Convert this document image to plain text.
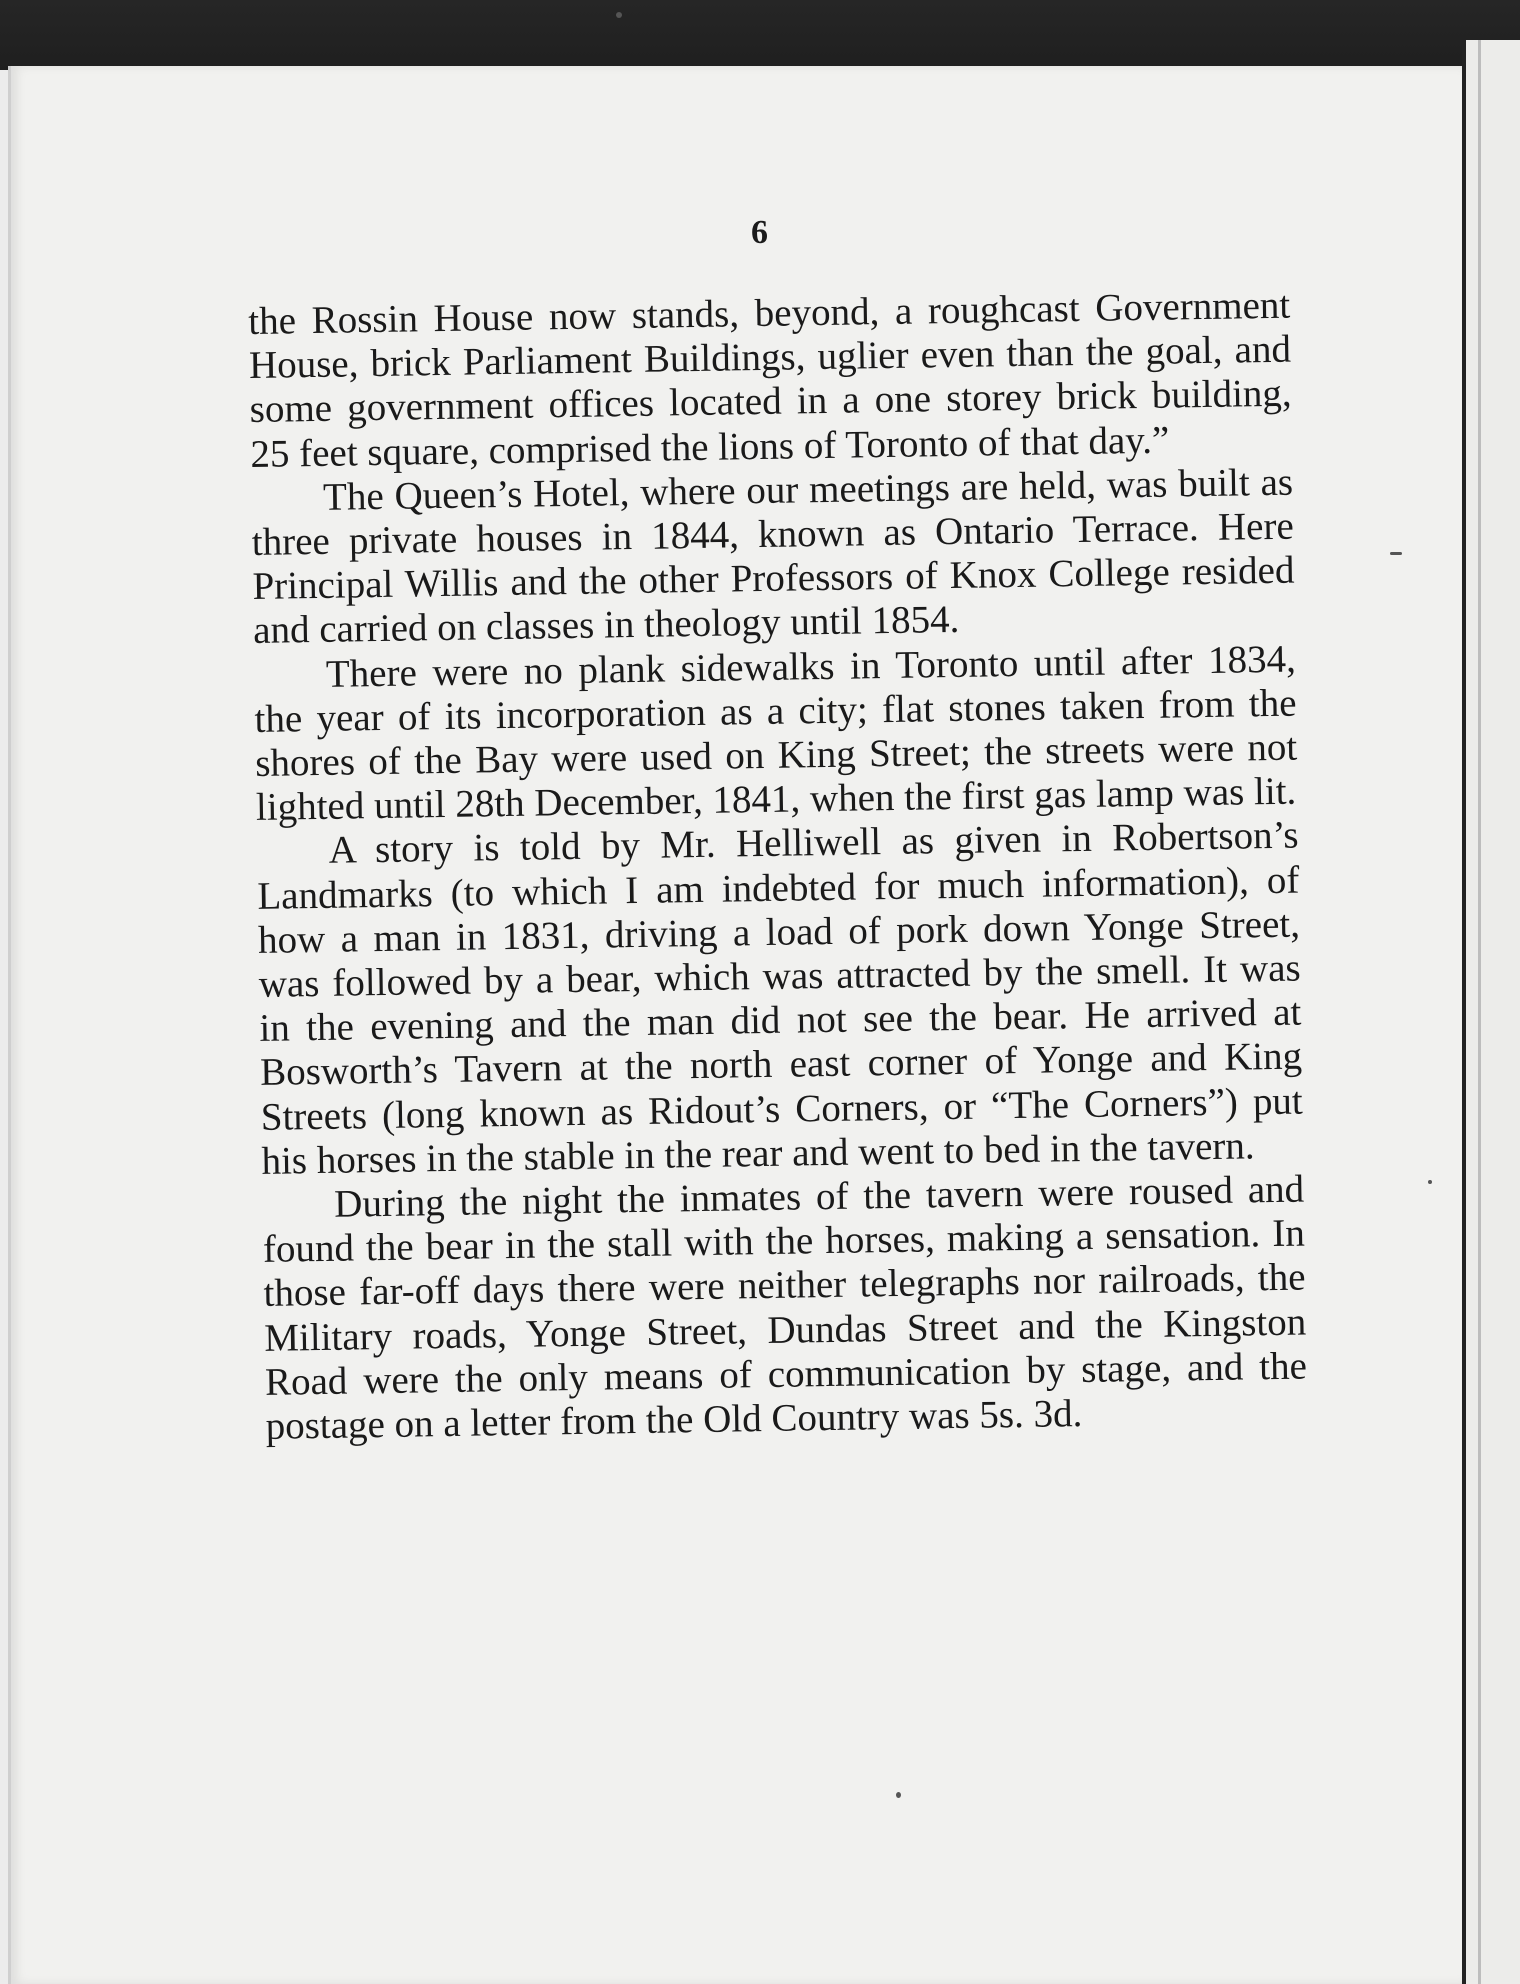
6

the Rossin House now stands, beyond, a roughcast Government House, brick Parliament Buildings, uglier even than the goal, and some government offices located in a one storey brick building, 25 feet square, comprised the lions of Toronto of that day.”

The Queen’s Hotel, where our meetings are held, was built as three private houses in 1844, known as Ontario Terrace. Here Principal Willis and the other Professors of Knox College resided and carried on classes in theology until 1854.

There were no plank sidewalks in Toronto until after 1834, the year of its incorporation as a city; flat stones taken from the shores of the Bay were used on King Street; the streets were not lighted until 28th December, 1841, when the first gas lamp was lit.

A story is told by Mr. Helliwell as given in Robertson’s Landmarks (to which I am indebted for much information), of how a man in 1831, driving a load of pork down Yonge Street, was followed by a bear, which was attracted by the smell. It was in the evening and the man did not see the bear. He arrived at Bosworth’s Tavern at the north east corner of Yonge and King Streets (long known as Ridout’s Corners, or “The Corners”) put his horses in the stable in the rear and went to bed in the tavern.

During the night the inmates of the tavern were roused and found the bear in the stall with the horses, making a sensation. In those far-off days there were neither telegraphs nor railroads, the Military roads, Yonge Street, Dundas Street and the Kingston Road were the only means of communication by stage, and the postage on a letter from the Old Country was 5s. 3d.
